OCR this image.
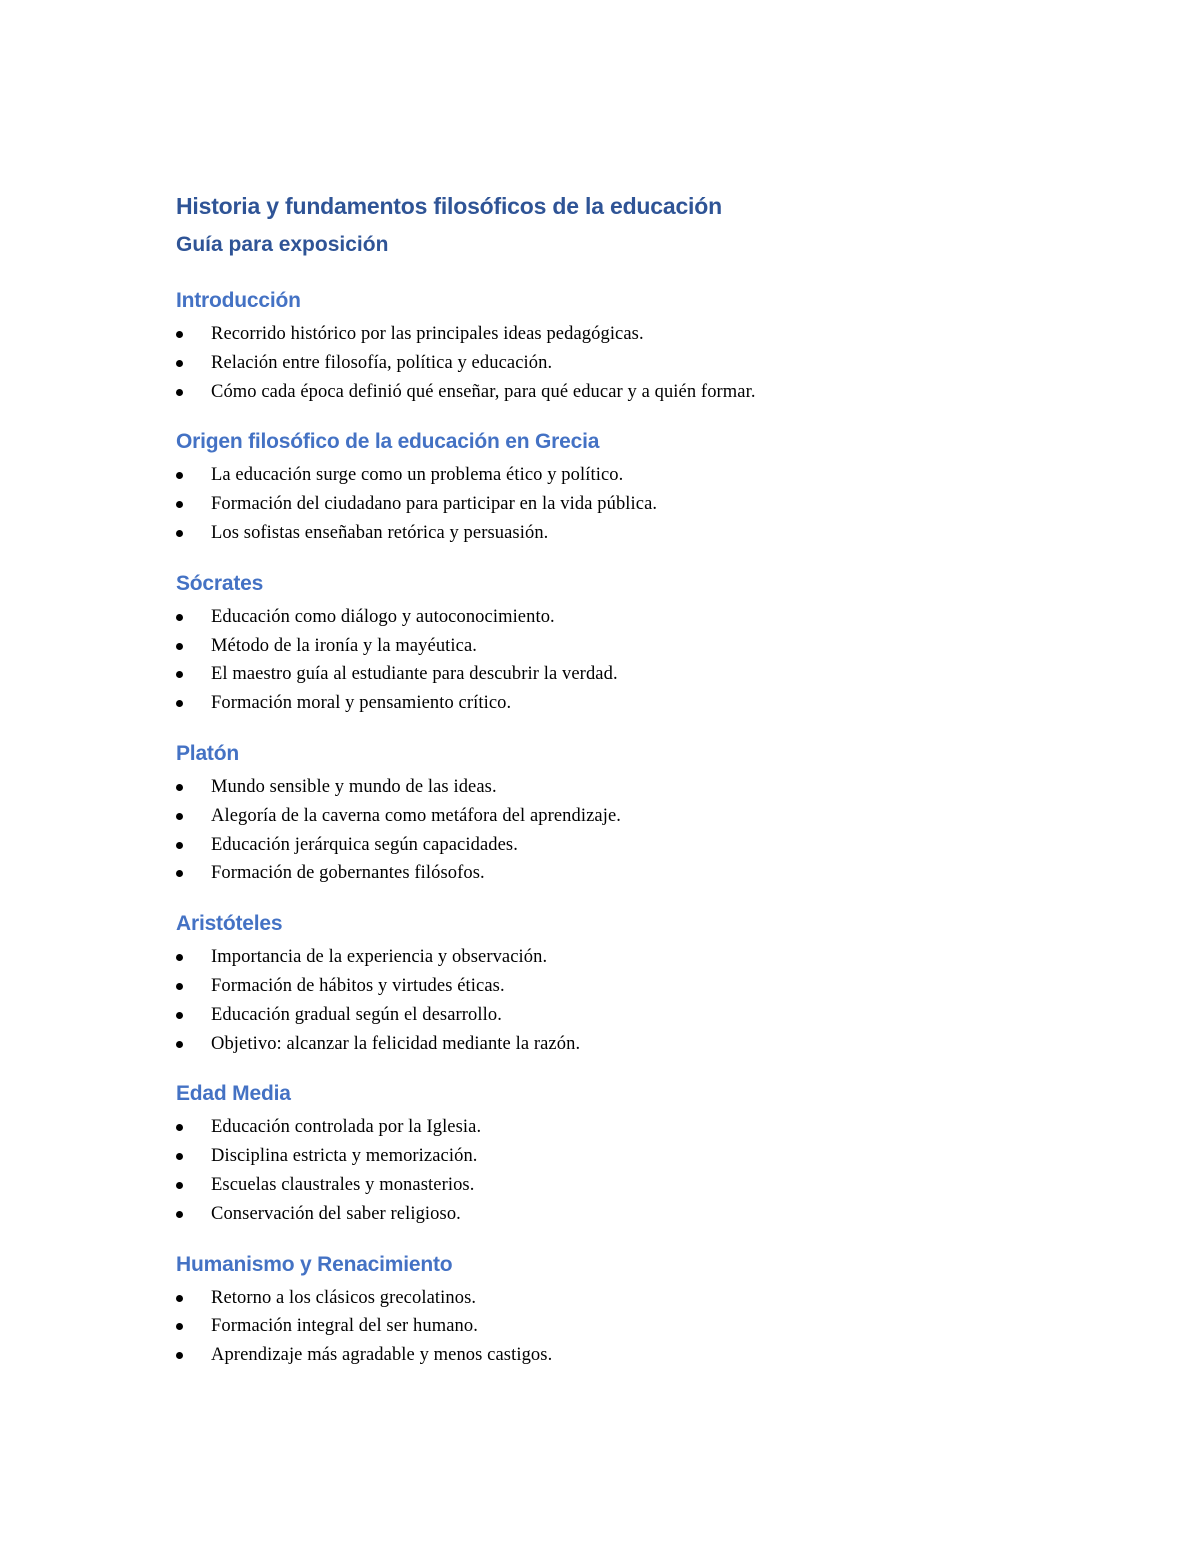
Historia y fundamentos filosóficos de la educación
Guía para exposición
Introducción
Recorrido histórico por las principales ideas pedagógicas.
Relación entre filosofía, política y educación.
Cómo cada época definió qué enseñar, para qué educar y a quién formar.
Origen filosófico de la educación en Grecia
La educación surge como un problema ético y político.
Formación del ciudadano para participar en la vida pública.
Los sofistas enseñaban retórica y persuasión.
Sócrates
Educación como diálogo y autoconocimiento.
Método de la ironía y la mayéutica.
El maestro guía al estudiante para descubrir la verdad.
Formación moral y pensamiento crítico.
Platón
Mundo sensible y mundo de las ideas.
Alegoría de la caverna como metáfora del aprendizaje.
Educación jerárquica según capacidades.
Formación de gobernantes filósofos.
Aristóteles
Importancia de la experiencia y observación.
Formación de hábitos y virtudes éticas.
Educación gradual según el desarrollo.
Objetivo: alcanzar la felicidad mediante la razón.
Edad Media
Educación controlada por la Iglesia.
Disciplina estricta y memorización.
Escuelas claustrales y monasterios.
Conservación del saber religioso.
Humanismo y Renacimiento
Retorno a los clásicos grecolatinos.
Formación integral del ser humano.
Aprendizaje más agradable y menos castigos.
